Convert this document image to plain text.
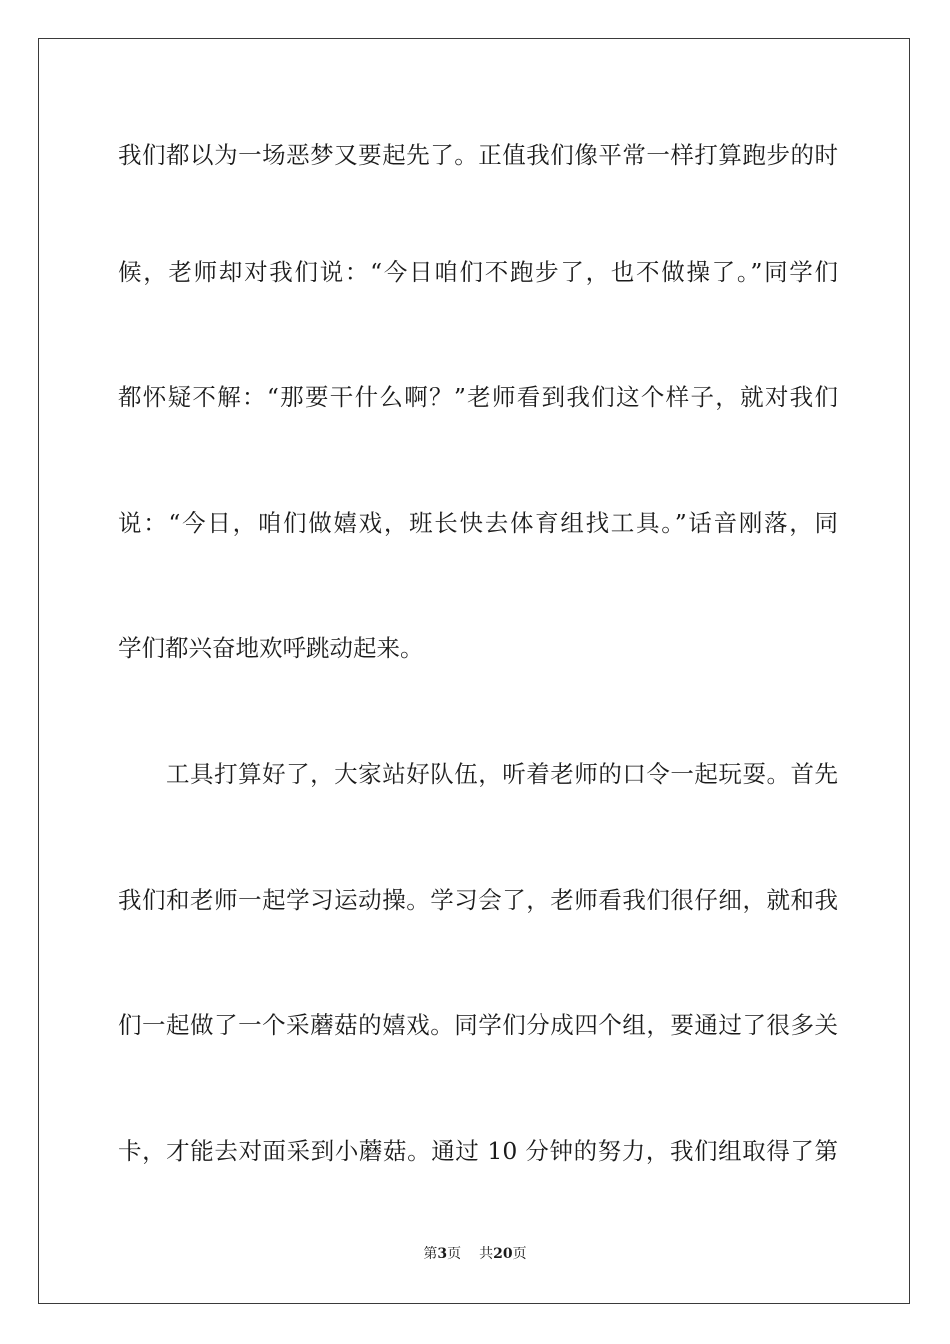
我们都以为一场恶梦又要起先了。正值我们像平常一样打算跑步的时
候，老师却对我们说：“今日咱们不跑步了，也不做操了。”同学们
都怀疑不解：“那要干什么啊？”老师看到我们这个样子，就对我们
说：“今日，咱们做嬉戏，班长快去体育组找工具。”话音刚落，同
学们都兴奋地欢呼跳动起来。
　　工具打算好了，大家站好队伍，听着老师的口令一起玩耍。首先
我们和老师一起学习运动操。学习会了，老师看我们很仔细，就和我
们一起做了一个采蘑菇的嬉戏。同学们分成四个组，要通过了很多关
卡，才能去对面采到小蘑菇。通过 10 分钟的努力，我们组取得了第
第3页 共20页
